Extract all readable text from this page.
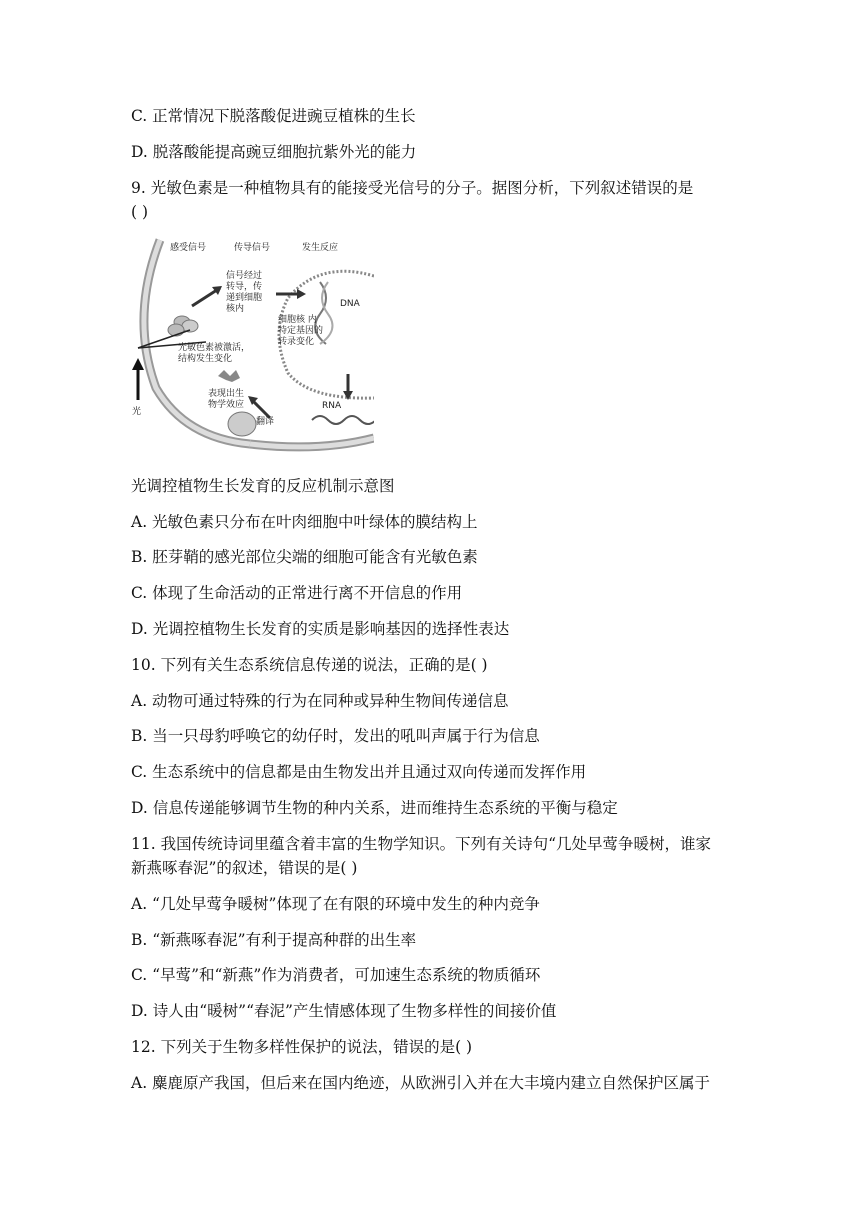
C. 正常情况下脱落酸促进豌豆植株的生长
D. 脱落酸能提高豌豆细胞抗紫外光的能力
9. 光敏色素是一种植物具有的能接受光信号的分子。据图分析，下列叙述错误的是
( )
感受信号	传导信号	发生反应
信号经过
转导，传
递到细胞
核内
光敏色素被激活，
结构发生变化
DNA
细胞核 内
特定基因的
转录变化
RNA
表现出生
物学效应
翻译
光
光调控植物生长发育的反应机制示意图
A. 光敏色素只分布在叶肉细胞中叶绿体的膜结构上
B. 胚芽鞘的感光部位尖端的细胞可能含有光敏色素
C. 体现了生命活动的正常进行离不开信息的作用
D. 光调控植物生长发育的实质是影响基因的选择性表达
10. 下列有关生态系统信息传递的说法，正确的是( )
A. 动物可通过特殊的行为在同种或异种生物间传递信息
B. 当一只母豹呼唤它的幼仔时，发出的吼叫声属于行为信息
C. 生态系统中的信息都是由生物发出并且通过双向传递而发挥作用
D. 信息传递能够调节生物的种内关系，进而维持生态系统的平衡与稳定
11. 我国传统诗词里蕴含着丰富的生物学知识。下列有关诗句“几处早莺争暖树，谁家
新燕啄春泥”的叙述，错误的是( )
A. “几处早莺争暖树”体现了在有限的环境中发生的种内竞争
B. “新燕啄春泥”有利于提高种群的出生率
C. “早莺”和“新燕”作为消费者，可加速生态系统的物质循环
D. 诗人由“暖树”“春泥”产生情感体现了生物多样性的间接价值
12. 下列关于生物多样性保护的说法，错误的是( )
A. 麋鹿原产我国，但后来在国内绝迹，从欧洲引入并在大丰境内建立自然保护区属于
